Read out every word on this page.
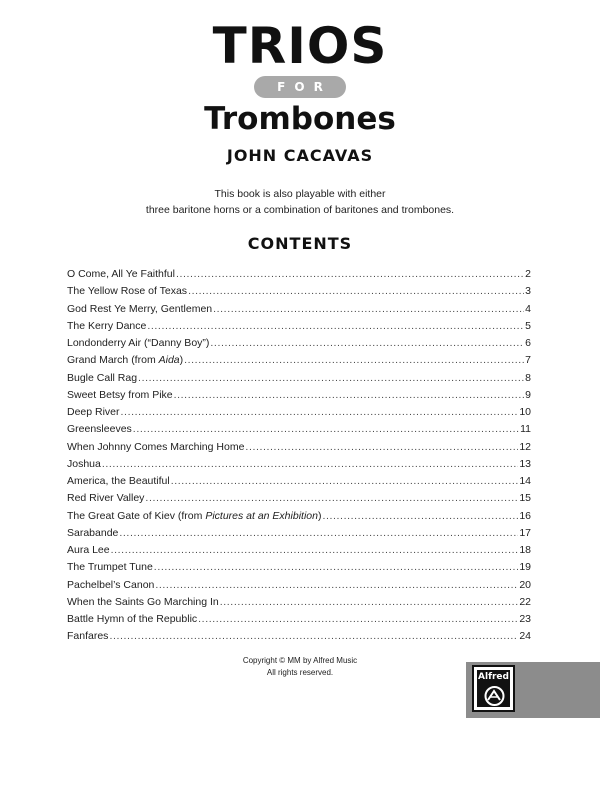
TRIOS
FOR
Trombones
JOHN CACAVAS
This book is also playable with either
three baritone horns or a combination of baritones and trombones.
CONTENTS
O Come, All Ye Faithful .....	2
The Yellow Rose of Texas .....	3
God Rest Ye Merry, Gentlemen .....	4
The Kerry Dance .....	5
Londonderry Air (“Danny Boy”) .....	6
Grand March (from Aida) .....	7
Bugle Call Rag .....	8
Sweet Betsy from Pike .....	9
Deep River .....	10
Greensleeves .....	11
When Johnny Comes Marching Home .....	12
Joshua .....	13
America, the Beautiful .....	14
Red River Valley .....	15
The Great Gate of Kiev (from Pictures at an Exhibition) .....	16
Sarabande .....	17
Aura Lee .....	18
The Trumpet Tune .....	19
Pachelbel’s Canon .....	20
When the Saints Go Marching In .....	22
Battle Hymn of the Republic .....	23
Fanfares .....	24
Copyright © MM by Alfred Music
All rights reserved.	Alfred
